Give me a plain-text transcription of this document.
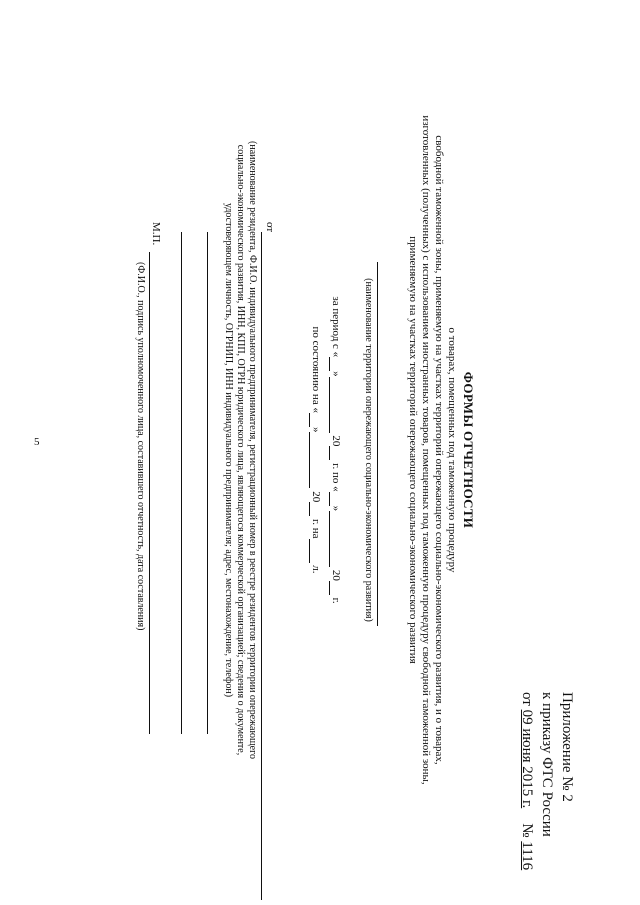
5
Приложение № 2
к приказу ФТС России
от 09 июня 2015 г.    № 1116
ФОРМЫ ОТЧЕТНОСТИ
о товарах, помещенных под таможенную процедуру
свободной таможенной зоны, применяемую на участках территорий опережающего социально-экономического развития, и о товарах,
изготовленных (полученных) с использованием иностранных товаров, помещенных под таможенную процедуру свободной таможенной зоны,
применяемую на участках территорий опережающего социально-экономического развития
(наименование территории опережающего социально-экономического развития)
за период с «» 20 г. по «» 20 г.
по состоянию на «» 20 г. на л.
от
(наименование резидента, Ф.И.О. индивидуального предпринимателя, регистрационный номер в реестре резидентов территории опережающего
социально-экономического развития, ИНН, КПП, ОГРН юридического лица, являющегося коммерческой организацией; сведения о документе,
удостоверяющем личность, ОГРНИП, ИНН индивидуального предпринимателя; адрес, местонахождение, телефон)
М.П.
(Ф.И.О., подпись уполномоченного лица, составившего отчетность, дата составления)
